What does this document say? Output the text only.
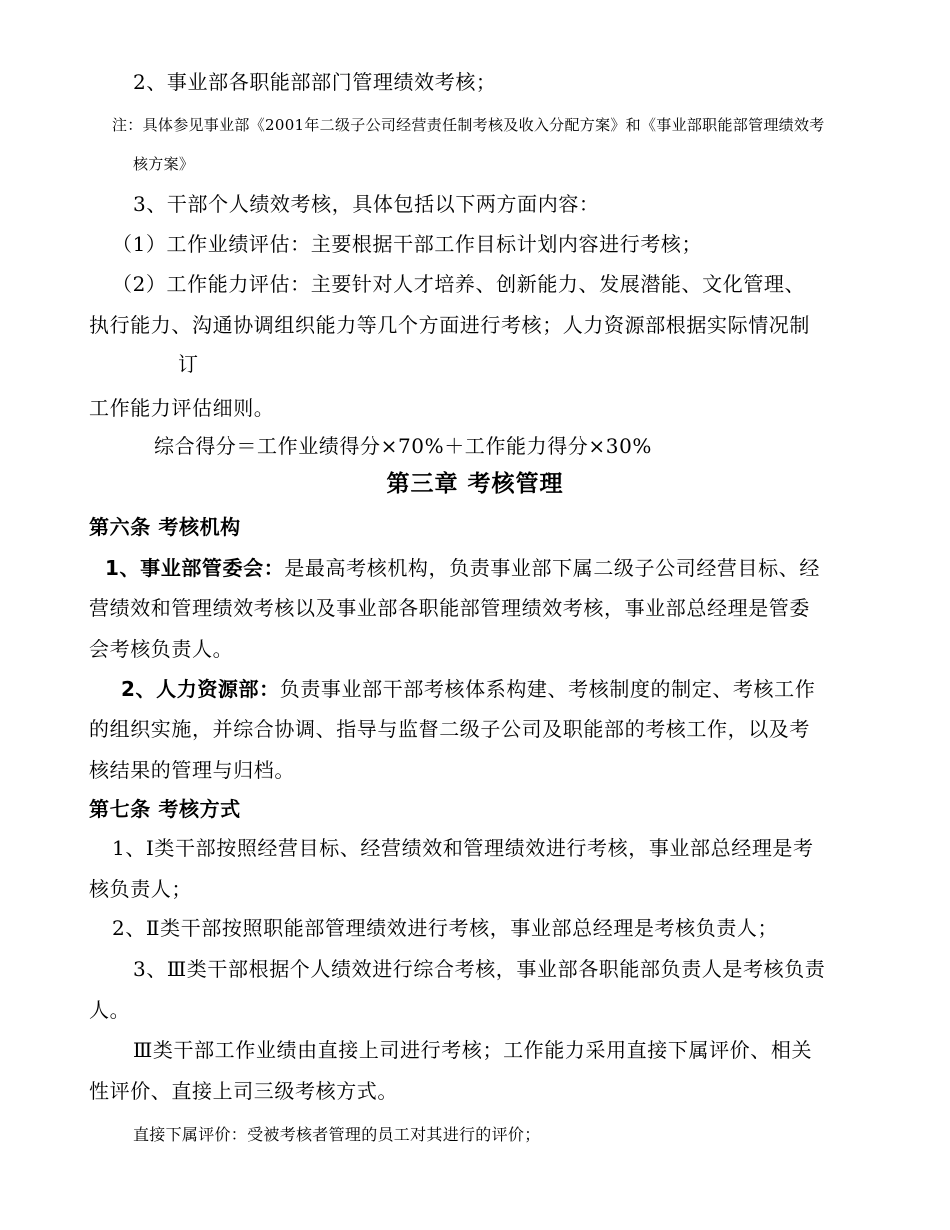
2、事业部各职能部部门管理绩效考核；
注：具体参见事业部《2001年二级子公司经营责任制考核及收入分配方案》和《事业部职能部管理绩效考
核方案》
3、干部个人绩效考核，具体包括以下两方面内容：
（1）工作业绩评估：主要根据干部工作目标计划内容进行考核；
（2）工作能力评估：主要针对人才培养、创新能力、发展潜能、文化管理、
执行能力、沟通协调组织能力等几个方面进行考核；人力资源部根据实际情况制
订
工作能力评估细则。
综合得分＝工作业绩得分×70%＋工作能力得分×30%
第三章 考核管理
第六条 考核机构
1、事业部管委会：是最高考核机构，负责事业部下属二级子公司经营目标、经
营绩效和管理绩效考核以及事业部各职能部管理绩效考核，事业部总经理是管委
会考核负责人。
2、人力资源部：负责事业部干部考核体系构建、考核制度的制定、考核工作
的组织实施，并综合协调、指导与监督二级子公司及职能部的考核工作，以及考
核结果的管理与归档。
第七条 考核方式
1、Ⅰ类干部按照经营目标、经营绩效和管理绩效进行考核，事业部总经理是考
核负责人；
2、Ⅱ类干部按照职能部管理绩效进行考核，事业部总经理是考核负责人；
3、Ⅲ类干部根据个人绩效进行综合考核，事业部各职能部负责人是考核负责
人。
Ⅲ类干部工作业绩由直接上司进行考核；工作能力采用直接下属评价、相关
性评价、直接上司三级考核方式。
直接下属评价：受被考核者管理的员工对其进行的评价；
